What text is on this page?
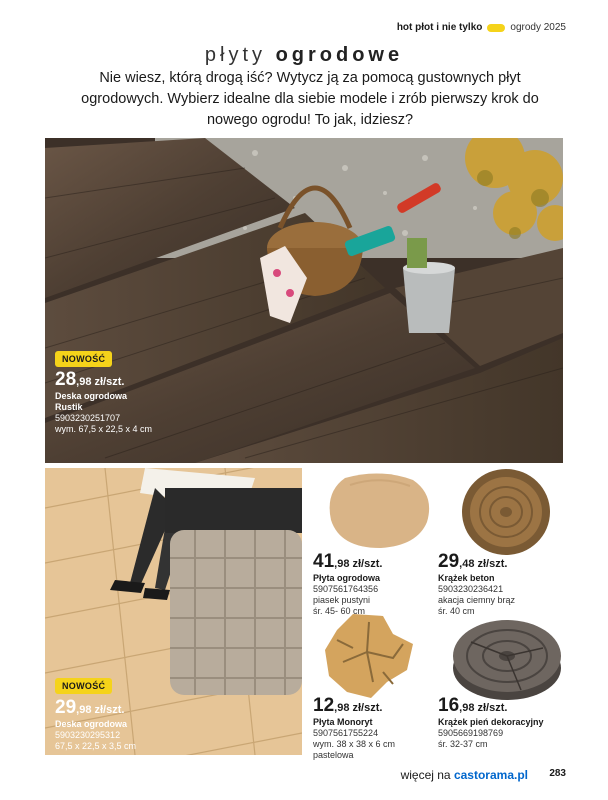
hot płot i nie tylko	ogrody 2025
płyty ogrodowe
Nie wiesz, którą drogą iść? Wytycz ją za pomocą gustownych płyt ogrodowych. Wybierz idealne dla siebie modele i zrób pierwszy krok do nowego ogrodu! To jak, idziesz?
NOWOŚĆ
28,98 zł/szt.
Deska ogrodowa
Rustik
5903230251707
wym. 67,5 x 22,5 x 4 cm
NOWOŚĆ
29,98 zł/szt.
Deska ogrodowa
5903230295312
67,5 x 22,5 x 3,5 cm
41,98 zł/szt.
Płyta ogrodowa
5907561764356
piasek pustyni
śr. 45- 60 cm
29,48 zł/szt.
Krążek beton
5903230236421
akacja ciemny brąz
śr. 40 cm
12,98 zł/szt.
Płyta Monoryt
5907561755224
wym. 38 x 38 x 6 cm
pastelowa
16,98 zł/szt.
Krążek pień dekoracyjny
5905669198769
śr. 32-37 cm
więcej na castorama.pl 283
